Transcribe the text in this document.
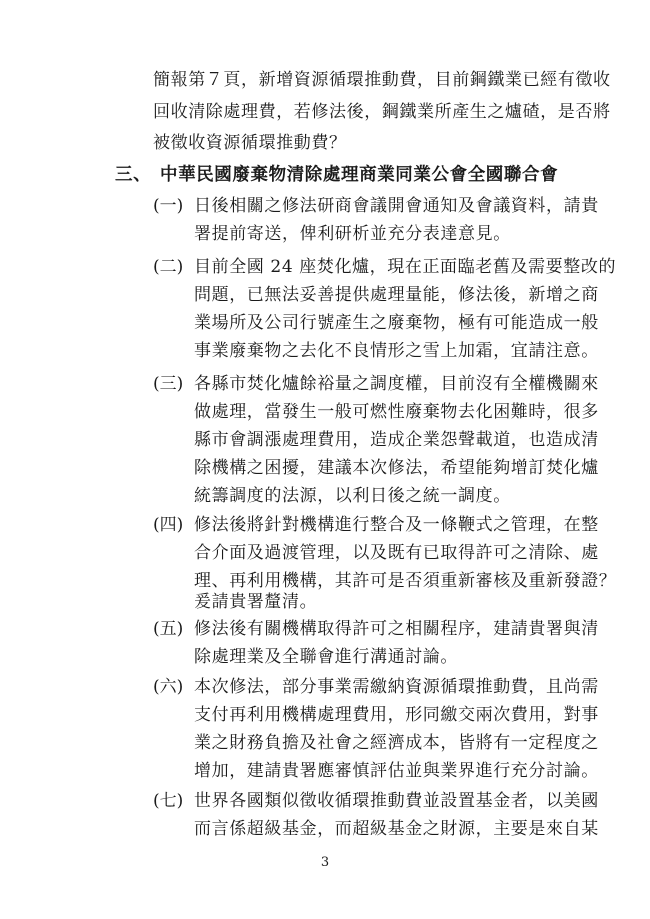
簡報第７頁，新增資源循環推動費，目前鋼鐵業已經有徵收
回收清除處理費，若修法後，鋼鐵業所產生之爐碴，是否將
被徵收資源循環推動費？
三、 中華民國廢棄物清除處理商業同業公會全國聯合會
(一) 日後相關之修法研商會議開會通知及會議資料，請貴
署提前寄送，俾利研析並充分表達意見。
(二) 目前全國 24 座焚化爐，現在正面臨老舊及需要整改的
問題，已無法妥善提供處理量能，修法後，新增之商
業場所及公司行號產生之廢棄物，極有可能造成一般
事業廢棄物之去化不良情形之雪上加霜，宜請注意。
(三) 各縣市焚化爐餘裕量之調度權，目前沒有全權機關來
做處理，當發生一般可燃性廢棄物去化困難時，很多
縣市會調漲處理費用，造成企業怨聲載道，也造成清
除機構之困擾，建議本次修法，希望能夠增訂焚化爐
統籌調度的法源，以利日後之統一調度。
(四) 修法後將針對機構進行整合及一條鞭式之管理，在整
合介面及過渡管理，以及既有已取得許可之清除、處
理、再利用機構，其許可是否須重新審核及重新發證？
爰請貴署釐清。
(五) 修法後有關機構取得許可之相關程序，建請貴署與清
除處理業及全聯會進行溝通討論。
(六) 本次修法，部分事業需繳納資源循環推動費，且尚需
3
支付再利用機構處理費用，形同繳交兩次費用，對事
業之財務負擔及社會之經濟成本，皆將有一定程度之
增加，建請貴署應審慎評估並與業界進行充分討論。
(七) 世界各國類似徵收循環推動費並設置基金者，以美國
而言係超級基金，而超級基金之財源，主要是來自某
